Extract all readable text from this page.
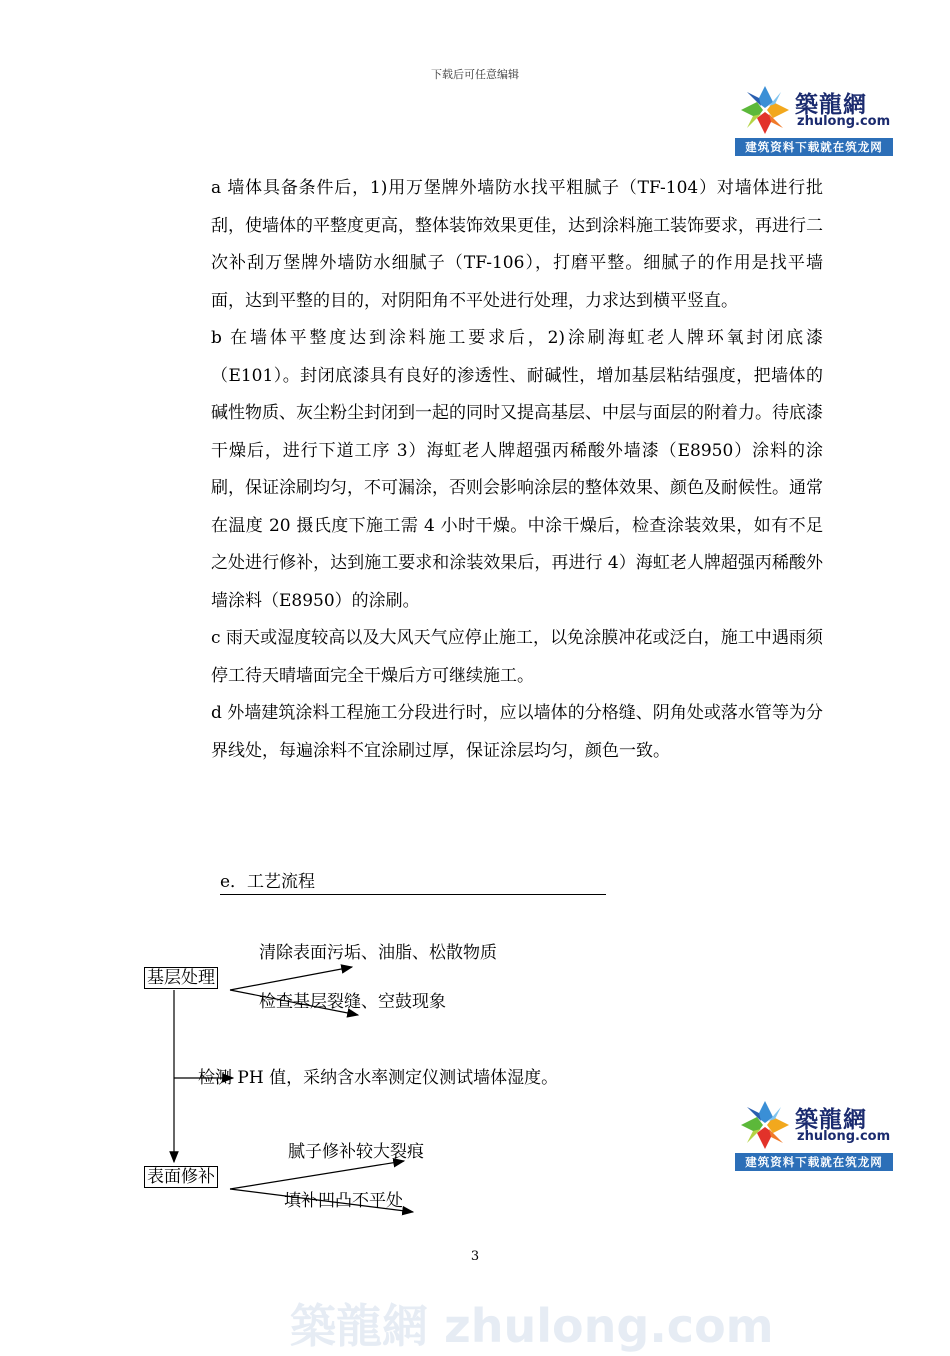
下载后可任意编辑
築龍網
zhulong.com
建筑资料下载就在筑龙网

a 墙体具备条件后，1)用万堡牌外墙防水找平粗腻子（TF-104）对墙体进行批刮，使墙体的平整度更高，整体装饰效果更佳，达到涂料施工装饰要求，再进行二次补刮万堡牌外墙防水细腻子（TF-106），打磨平整。细腻子的作用是找平墙面，达到平整的目的，对阴阳角不平处进行处理，力求达到横平竖直。

b 在墙体平整度达到涂料施工要求后，2)涂刷海虹老人牌环氧封闭底漆（E101）。封闭底漆具有良好的渗透性、耐碱性，增加基层粘结强度，把墙体的碱性物质、灰尘粉尘封闭到一起的同时又提高基层、中层与面层的附着力。待底漆干燥后，进行下道工序 3）海虹老人牌超强丙稀酸外墙漆（E8950）涂料的涂刷，保证涂刷均匀，不可漏涂，否则会影响涂层的整体效果、颜色及耐候性。通常在温度 20 摄氏度下施工需 4 小时干燥。中涂干燥后，检查涂装效果，如有不足之处进行修补，达到施工要求和涂装效果后，再进行 4）海虹老人牌超强丙稀酸外墙涂料（E8950）的涂刷。

c 雨天或湿度较高以及大风天气应停止施工，以免涂膜冲花或泛白，施工中遇雨须停工待天晴墙面完全干燥后方可继续施工。

d 外墙建筑涂料工程施工分段进行时，应以墙体的分格缝、阴角处或落水管等为分界线处，每遍涂料不宜涂刷过厚，保证涂层均匀，颜色一致。

e．工艺流程
基层处理
清除表面污垢、油脂、松散物质
检查基层裂缝、空鼓现象
检测 PH 值，采纳含水率测定仪测试墙体湿度。
表面修补
腻子修补较大裂痕
填补凹凸不平处
築龍網
zhulong.com
建筑资料下载就在筑龙网
3
築龍網 zhulong.com
